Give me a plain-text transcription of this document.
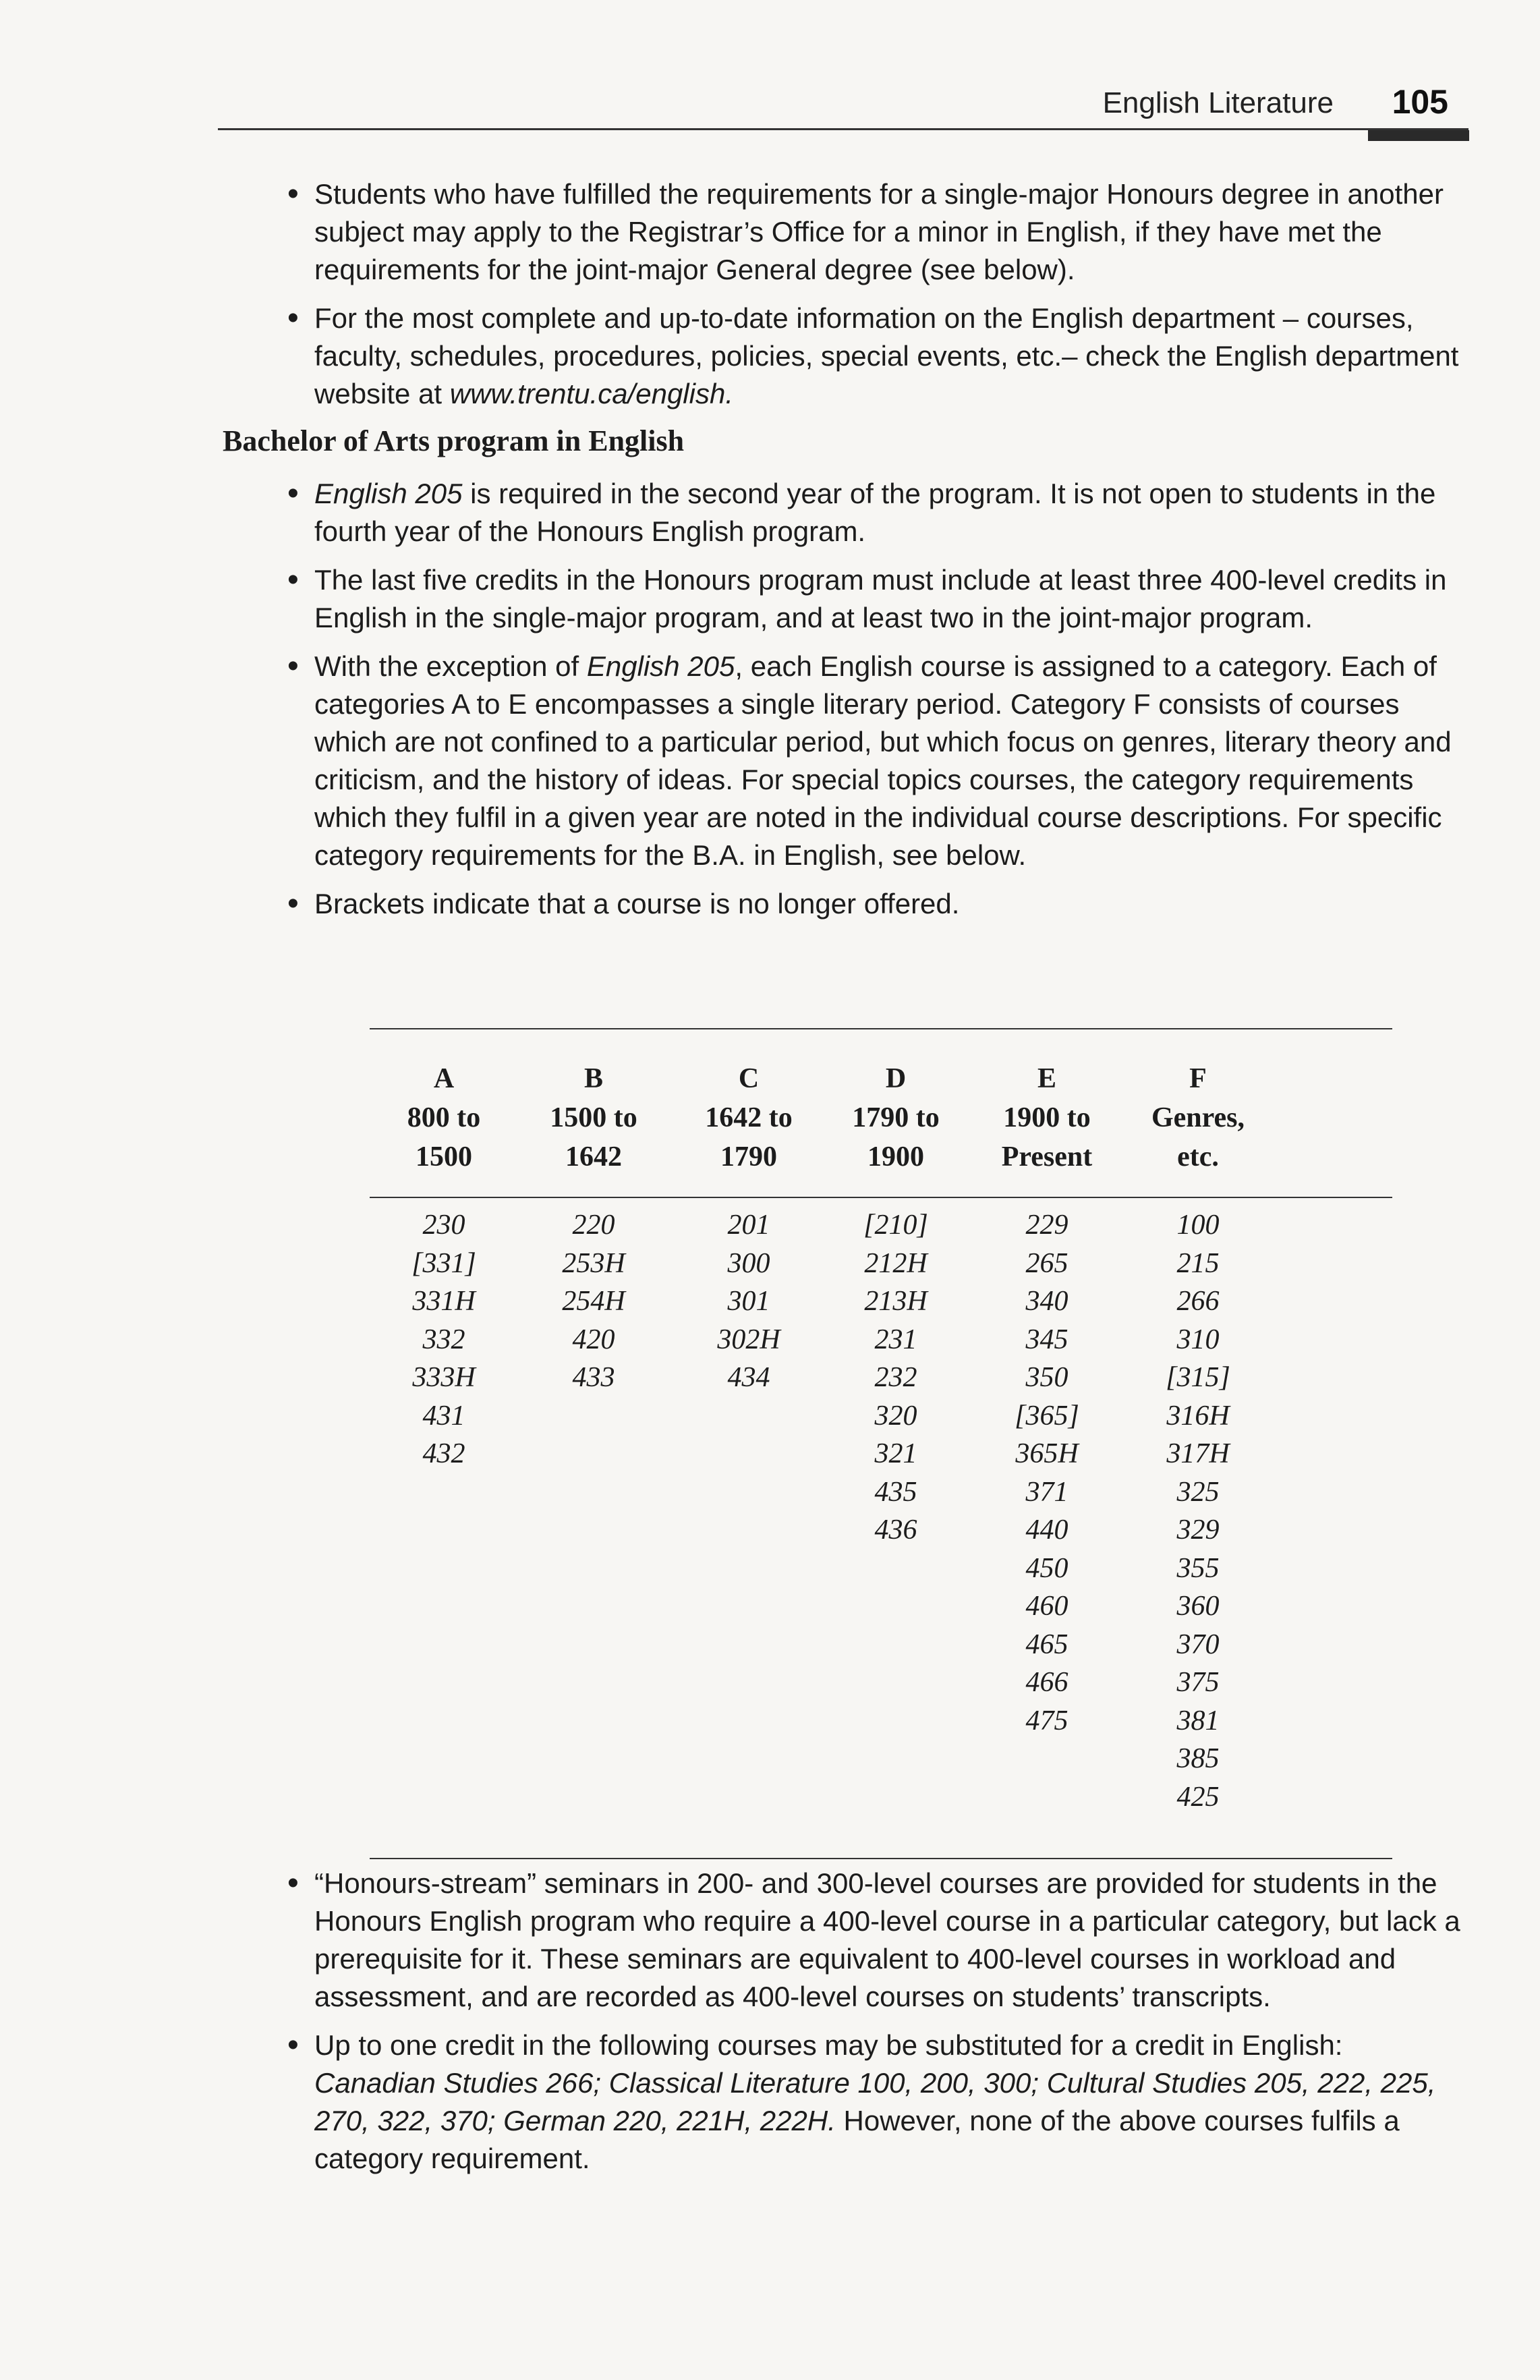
English Literature 105
• Students who have fulfilled the requirements for a single-major Honours degree in another subject may apply to the Registrar’s Office for a minor in English, if they have met the requirements for the joint-major General degree (see below).
• For the most complete and up-to-date information on the English department – courses, faculty, schedules, procedures, policies, special events, etc.– check the English department website at www.trentu.ca/english.
Bachelor of Arts program in English
• English 205 is required in the second year of the program. It is not open to students in the fourth year of the Honours English program.
• The last five credits in the Honours program must include at least three 400-level credits in English in the single-major program, and at least two in the joint-major program.
• With the exception of English 205, each English course is assigned to a category. Each of categories A to E encompasses a single literary period. Category F consists of courses which are not confined to a particular period, but which focus on genres, literary theory and criticism, and the history of ideas. For special topics courses, the category requirements which they fulfil in a given year are noted in the individual course descriptions. For specific category requirements for the B.A. in English, see below.
• Brackets indicate that a course is no longer offered.
A
800 to
1500
230
[331]
331H
332
333H
431
432
B
1500 to
1642
220
253H
254H
420
433
C
1642 to
1790
201
300
301
302H
434
D
1790 to
1900
[210]
212H
213H
231
232
320
321
435
436
E
1900 to
Present
229
265
340
345
350
[365]
365H
371
440
450
460
465
466
475
F
Genres,
etc.
100
215
266
310
[315]
316H
317H
325
329
355
360
370
375
381
385
425
• “Honours-stream” seminars in 200- and 300-level courses are provided for students in the Honours English program who require a 400-level course in a particular category, but lack a prerequisite for it. These seminars are equivalent to 400-level courses in workload and assessment, and are recorded as 400-level courses on students’ transcripts.
• Up to one credit in the following courses may be substituted for a credit in English: Canadian Studies 266; Classical Literature 100, 200, 300; Cultural Studies 205, 222, 225, 270, 322, 370; German 220, 221H, 222H. However, none of the above courses fulfils a category requirement.
